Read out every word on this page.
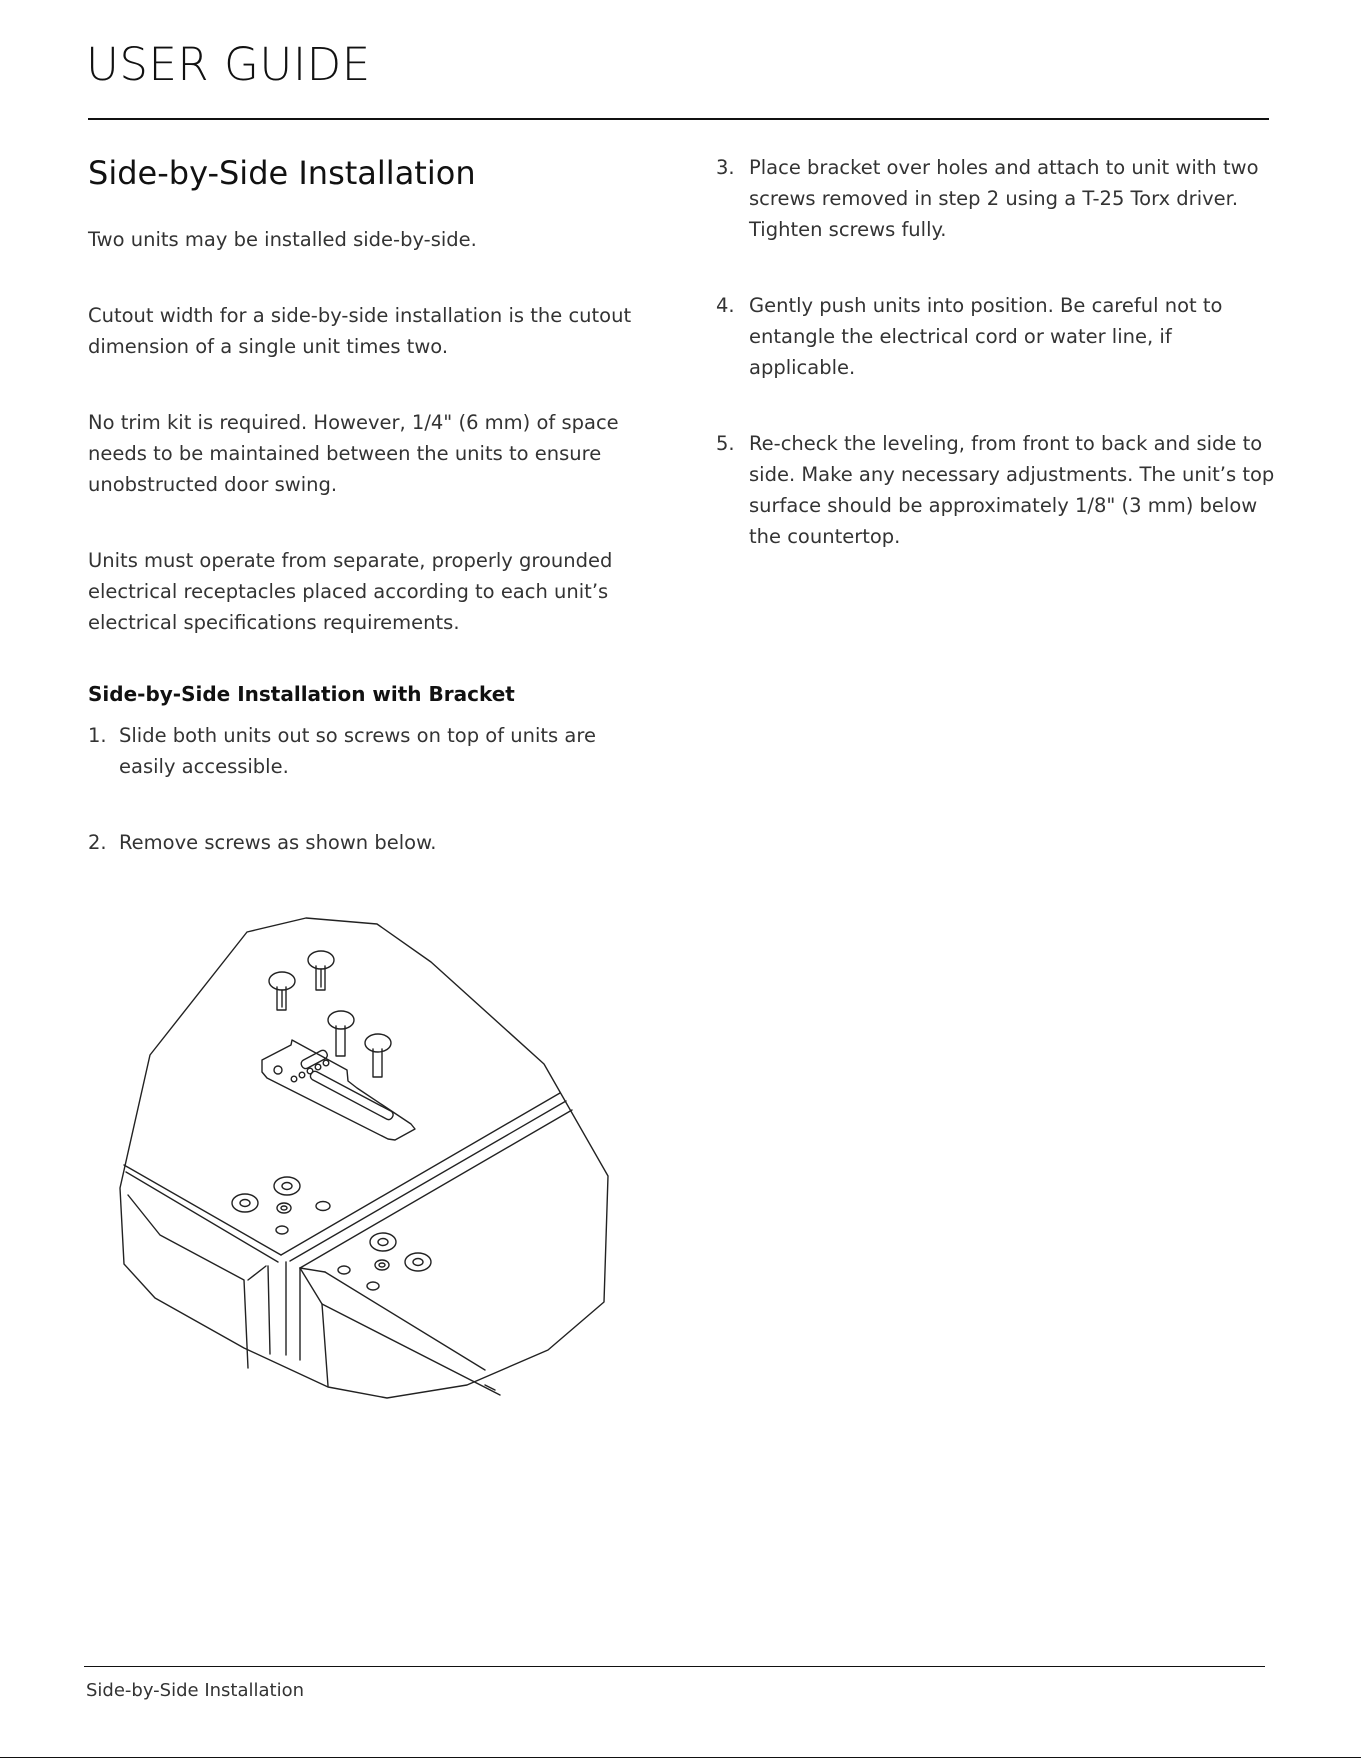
USER GUIDE
Side-by-Side Installation

Two units may be installed side-by-side.

Cutout width for a side-by-side installation is the cutout dimension of a single unit times two.

No trim kit is required. However, 1/4" (6 mm) of space needs to be maintained between the units to ensure unobstructed door swing.

Units must operate from separate, properly grounded electrical receptacles placed according to each unit’s electrical specifications requirements.

Side-by-Side Installation with Bracket
1. Slide both units out so screws on top of units are easily accessible.
2. Remove screws as shown below.
3. Place bracket over holes and attach to unit with two screws removed in step 2 using a T-25 Torx driver. Tighten screws fully.
4. Gently push units into position. Be careful not to entangle the electrical cord or water line, if applicable.
5. Re-check the leveling, from front to back and side to side. Make any necessary adjustments. The unit’s top surface should be approximately 1/8" (3 mm) below the countertop.
Side-by-Side Installation
